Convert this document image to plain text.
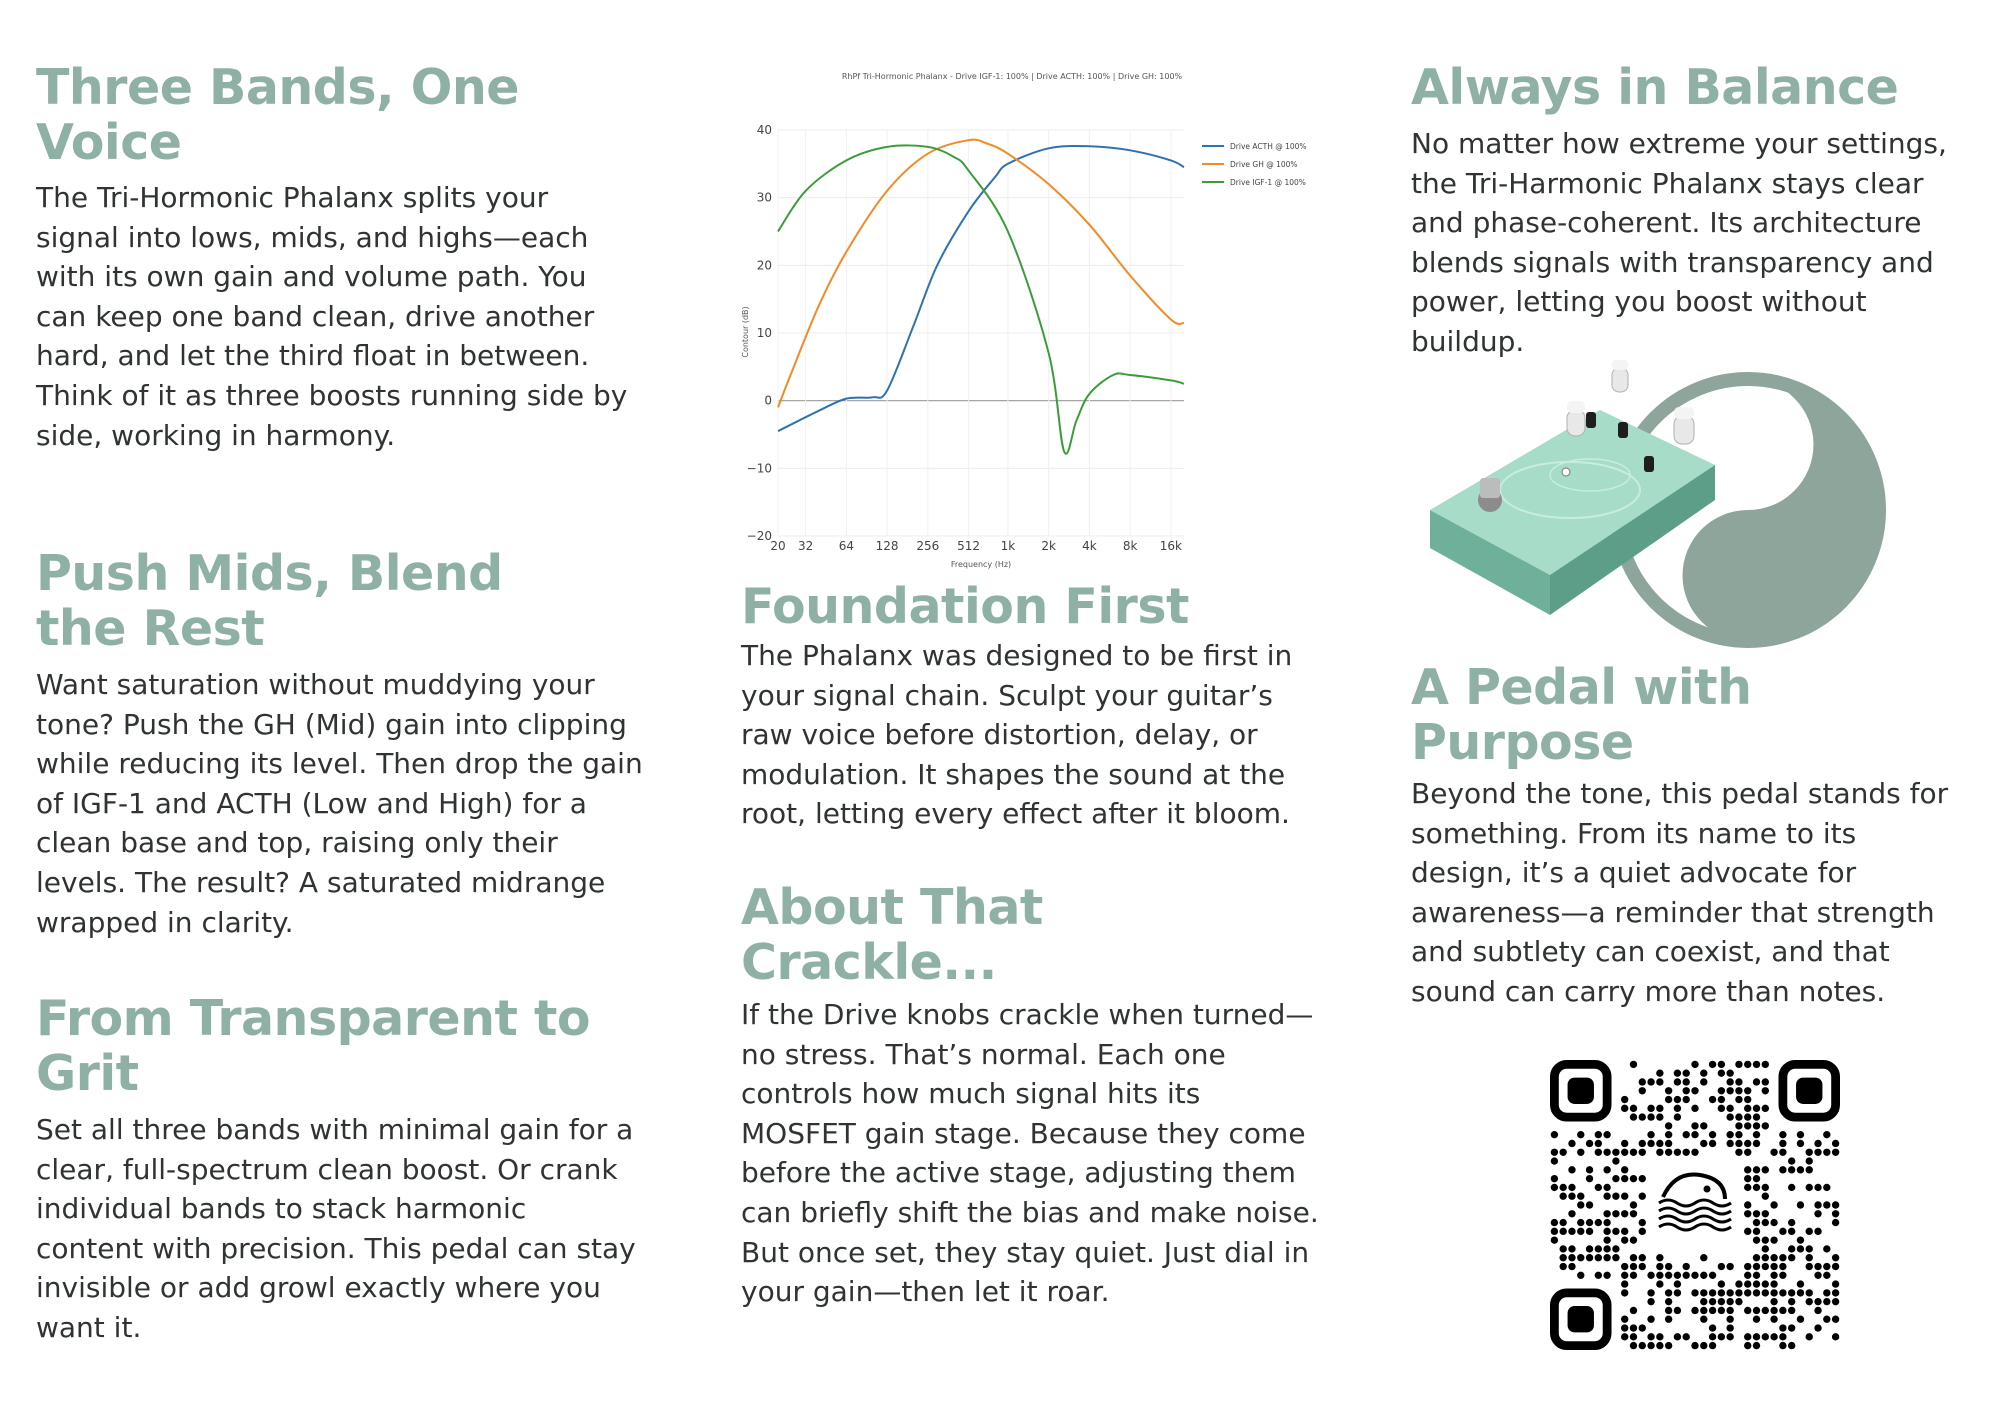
Three Bands, One Voice

The Tri-Hormonic Phalanx splits your signal into lows, mids, and highs—each with its own gain and volume path. You can keep one band clean, drive another hard, and let the third float in between. Think of it as three boosts running side by side, working in harmony.

Push Mids, Blend the Rest

Want saturation without muddying your tone? Push the GH (Mid) gain into clipping while reducing its level. Then drop the gain of IGF-1 and ACTH (Low and High) for a clean base and top, raising only their levels. The result? A saturated midrange wrapped in clarity.

From Transparent to Grit

Set all three bands with minimal gain for a clear, full-spectrum clean boost. Or crank individual bands to stack harmonic content with precision. This pedal can stay invisible or add growl exactly where you want it.

RhPf Tri-Hormonic Phalanx - Drive IGF-1: 100% | Drive ACTH: 100% | Drive GH: 100%
40
30
20
10
0
−10
−20
20 32 64 128 256 512 1k 2k 4k 8k 16k
Drive ACTH @ 100%
Drive GH @ 100%
Drive IGF-1 @ 100%
Frequency (Hz)
Contour (dB)
Foundation First

The Phalanx was designed to be first in your signal chain. Sculpt your guitar’s raw voice before distortion, delay, or modulation. It shapes the sound at the root, letting every effect after it bloom.

About That Crackle...

If the Drive knobs crackle when turned—no stress. That’s normal. Each one controls how much signal hits its MOSFET gain stage. Because they come before the active stage, adjusting them can briefly shift the bias and make noise. But once set, they stay quiet. Just dial in your gain—then let it roar.

Always in Balance

No matter how extreme your settings, the Tri-Harmonic Phalanx stays clear and phase-coherent. Its architecture blends signals with transparency and power, letting you boost without buildup.

A Pedal with Purpose

Beyond the tone, this pedal stands for something. From its name to its design, it’s a quiet advocate for awareness—a reminder that strength and subtlety can coexist, and that sound can carry more than notes.
